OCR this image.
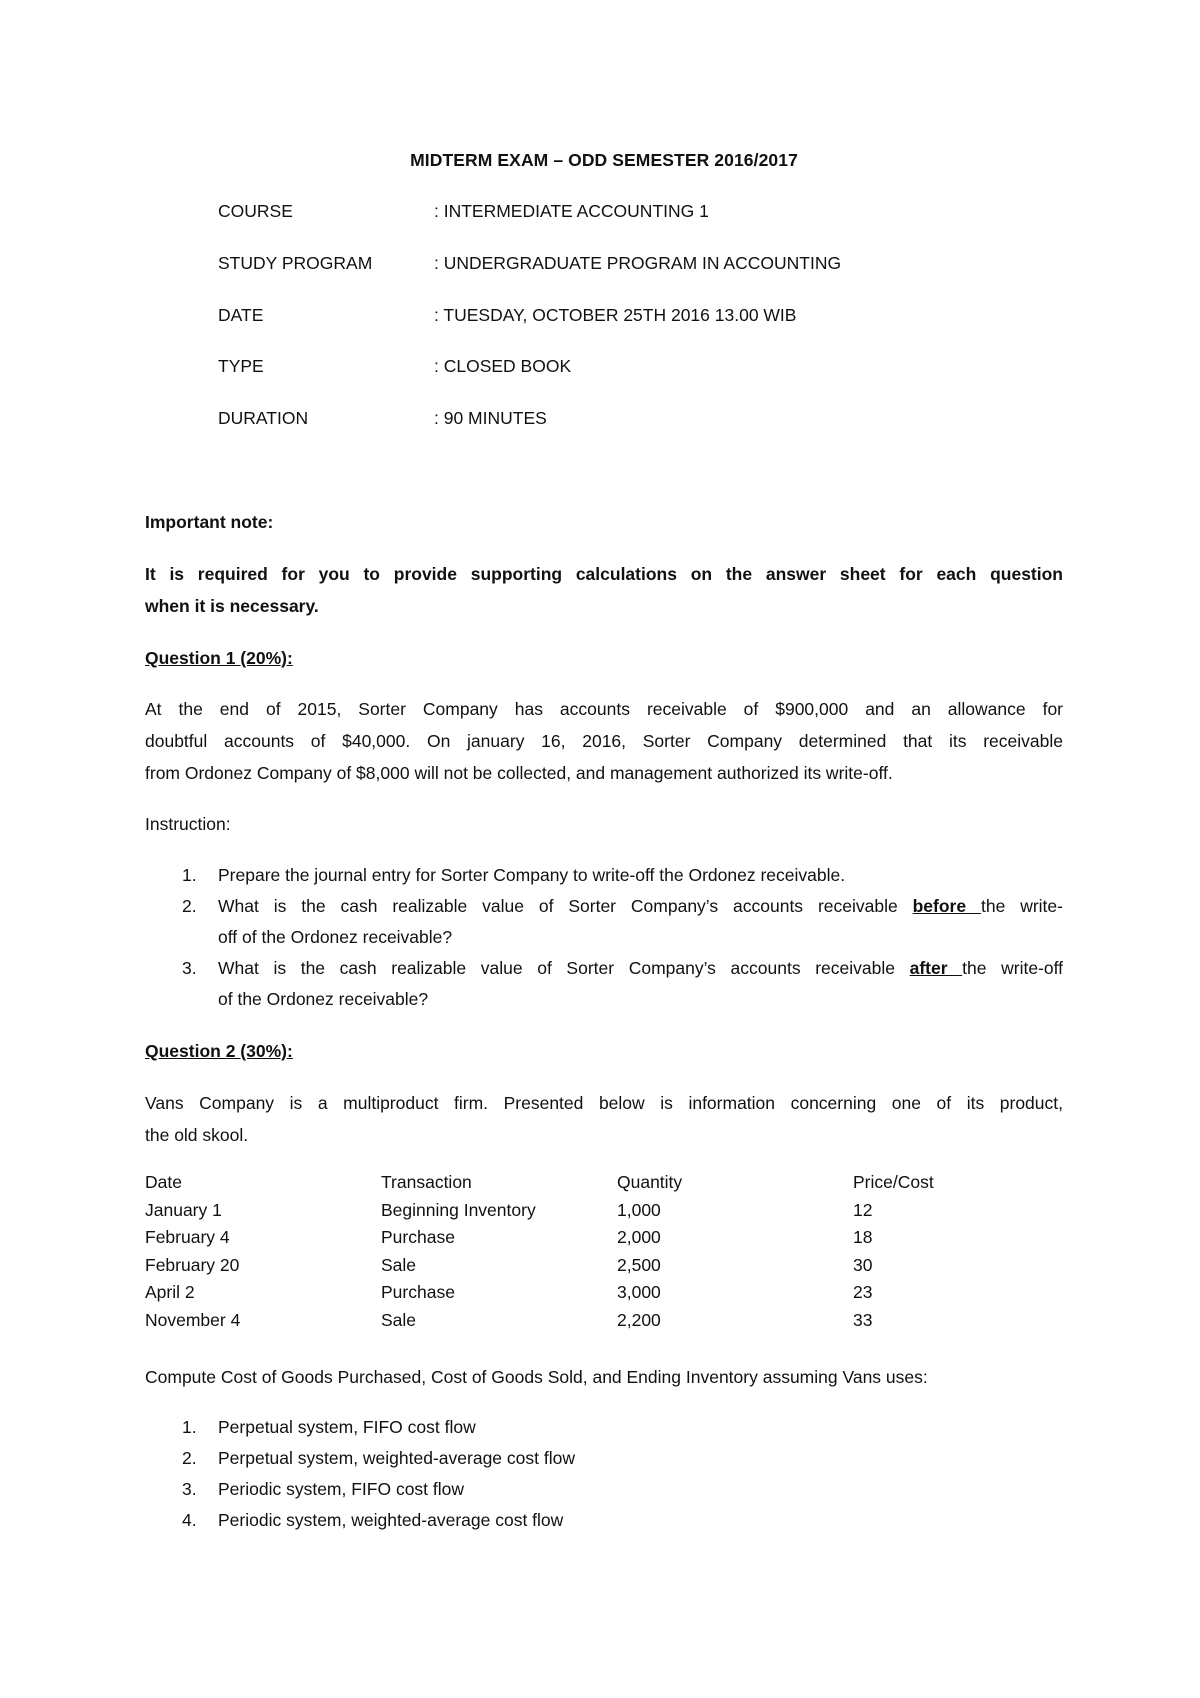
MIDTERM EXAM – ODD SEMESTER 2016/2017
COURSE	: INTERMEDIATE ACCOUNTING 1
STUDY PROGRAM	: UNDERGRADUATE PROGRAM IN ACCOUNTING
DATE	: TUESDAY, OCTOBER 25TH 2016 13.00 WIB
TYPE	: CLOSED BOOK
DURATION	: 90 MINUTES
Important note:
It is required for you to provide supporting calculations on the answer sheet for each question
when it is necessary.
Question 1 (20%):
At the end of 2015, Sorter Company has accounts receivable of $900,000 and an allowance for
doubtful accounts of $40,000. On january 16, 2016, Sorter Company determined that its receivable
from Ordonez Company of $8,000 will not be collected, and management authorized its write-off.
Instruction:
1. Prepare the journal entry for Sorter Company to write-off the Ordonez receivable.
2. What is the cash realizable value of Sorter Company’s accounts receivable before the write-
off of the Ordonez receivable?
3. What is the cash realizable value of Sorter Company’s accounts receivable after the write-off
of the Ordonez receivable?
Question 2 (30%):
Vans Company is a multiproduct firm. Presented below is information concerning one of its product,
the old skool.
Date	Transaction	Quantity	Price/Cost
January 1	Beginning Inventory	1,000	12
February 4	Purchase	2,000	18
February 20	Sale	2,500	30
April 2	Purchase	3,000	23
November 4	Sale	2,200	33
Compute Cost of Goods Purchased, Cost of Goods Sold, and Ending Inventory assuming Vans uses:
1. Perpetual system, FIFO cost flow
2. Perpetual system, weighted-average cost flow
3. Periodic system, FIFO cost flow
4. Periodic system, weighted-average cost flow
